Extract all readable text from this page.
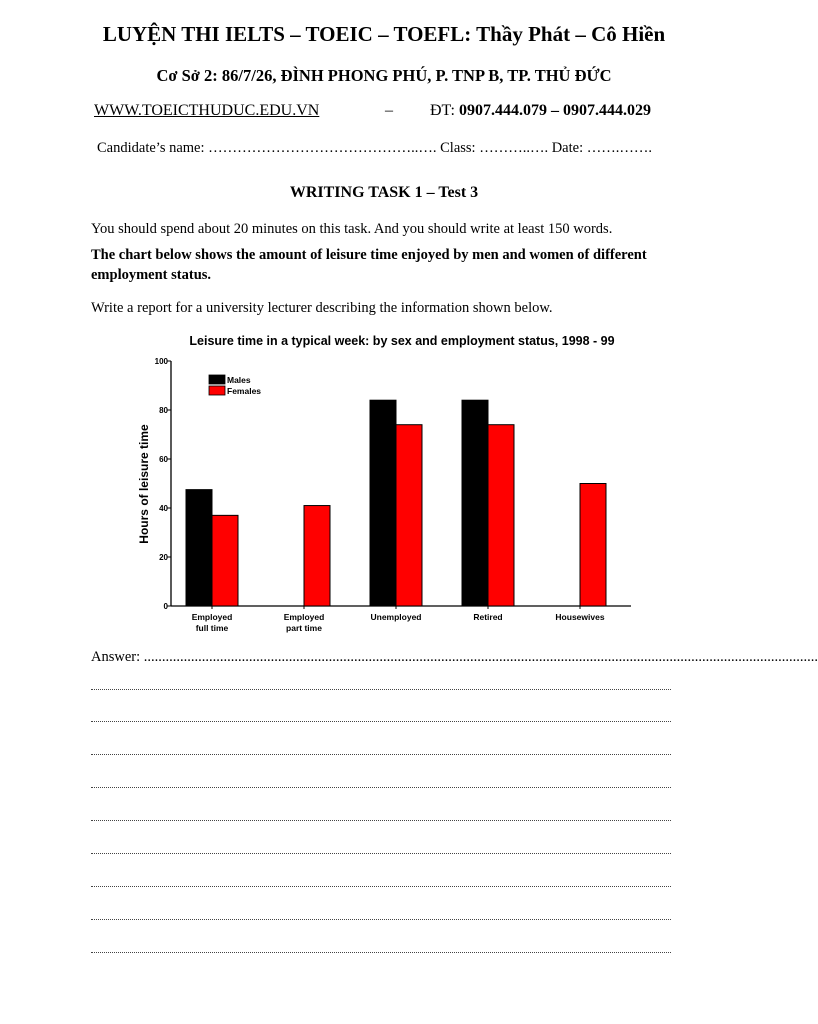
LUYỆN THI IELTS – TOEIC – TOEFL: Thầy Phát – Cô Hiền
Cơ Sở 2: 86/7/26, ĐÌNH PHONG PHÚ, P. TNP B, TP. THỦ ĐỨC
WWW.TOEICTHUDUC.EDU.VN	– ĐT: 0907.444.079 – 0907.444.029
Candidate’s name: ……………………………………..…. Class: ………..…. Date: …….…….
WRITING TASK 1 – Test 3
You should spend about 20 minutes on this task. And you should write at least 150 words.
The chart below shows the amount of leisure time enjoyed by men and women of different employment status.
Write a report for a university lecturer describing the information shown below.
Leisure time in a typical week: by sex and employment status, 1998 - 99
0
20
40
60
80
100
Employed full time
Employed part time
Unemployed	Retired	Housewives
Males
Females
Hours of leisure time
Answer: ..........................................................................................................................................................................................
